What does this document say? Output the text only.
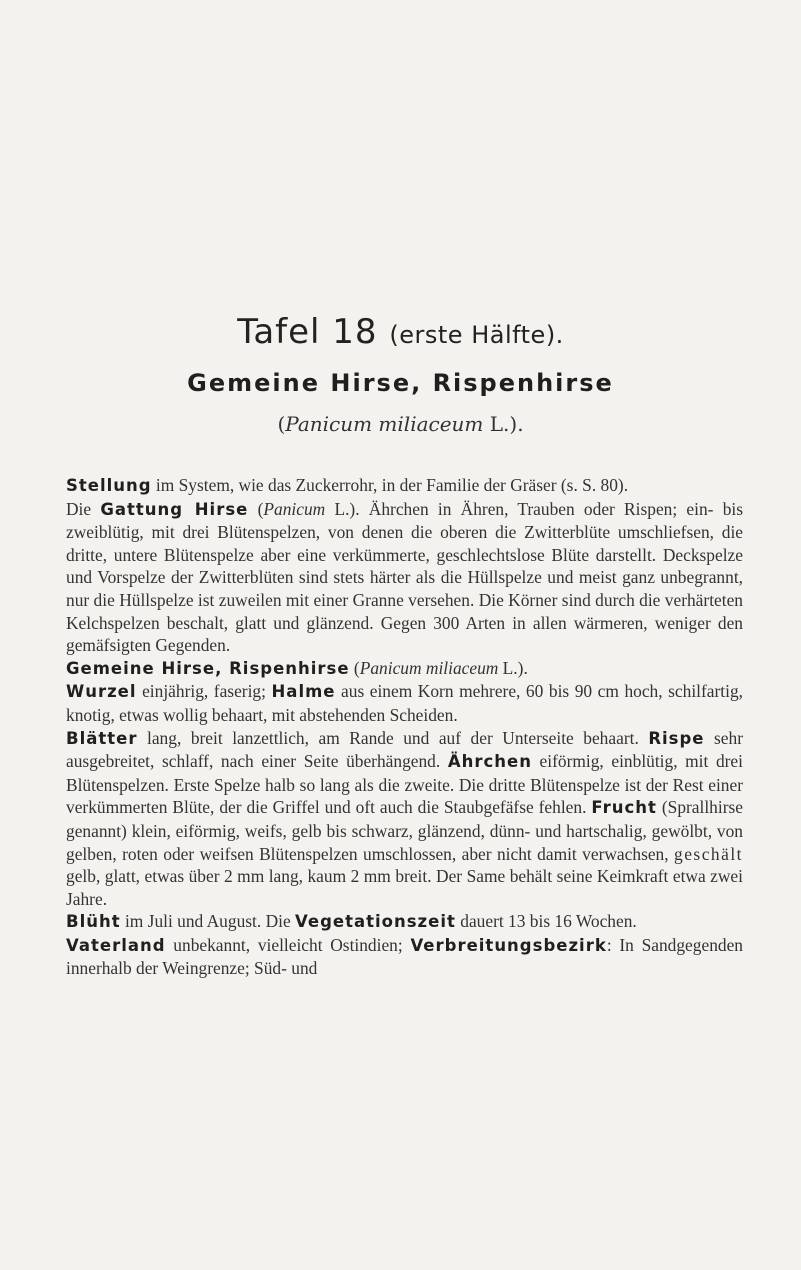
Tafel 18 (erste Hälfte).
Gemeine Hirse, Rispenhirse
(Panicum miliaceum L.).

Stellung im System, wie das Zuckerrohr, in der Familie der Gräser (s. S. 80).

Die Gattung Hirse (Panicum L.). Ährchen in Ähren, Trauben oder Rispen; ein- bis zweiblütig, mit drei Blütenspelzen, von denen die oberen die Zwitterblüte umschliefsen, die dritte, untere Blütenspelze aber eine verkümmerte, geschlechtslose Blüte darstellt. Deckspelze und Vorspelze der Zwitterblüten sind stets härter als die Hüllspelze und meist ganz unbegrannt, nur die Hüllspelze ist zuweilen mit einer Granne versehen. Die Körner sind durch die verhärteten Kelchspelzen beschalt, glatt und glänzend. Gegen 300 Arten in allen wärmeren, weniger den gemäfsigten Gegenden.

Gemeine Hirse, Rispenhirse (Panicum miliaceum L.).

Wurzel einjährig, faserig; Halme aus einem Korn mehrere, 60 bis 90 cm hoch, schilfartig, knotig, etwas wollig behaart, mit abstehenden Scheiden.

Blätter lang, breit lanzettlich, am Rande und auf der Unterseite behaart. Rispe sehr ausgebreitet, schlaff, nach einer Seite überhängend. Ährchen eiförmig, einblütig, mit drei Blütenspelzen. Erste Spelze halb so lang als die zweite. Die dritte Blütenspelze ist der Rest einer verkümmerten Blüte, der die Griffel und oft auch die Staubgefäfse fehlen. Frucht (Sprallhirse genannt) klein, eiförmig, weifs, gelb bis schwarz, glänzend, dünn- und hartschalig, gewölbt, von gelben, roten oder weifsen Blütenspelzen umschlossen, aber nicht damit verwachsen, geschält gelb, glatt, etwas über 2 mm lang, kaum 2 mm breit. Der Same behält seine Keimkraft etwa zwei Jahre.

Blüht im Juli und August. Die Vegetationszeit dauert 13 bis 16 Wochen.

Vaterland unbekannt, vielleicht Ostindien; Verbreitungsbezirk: In Sandgegenden innerhalb der Weingrenze; Süd- und
